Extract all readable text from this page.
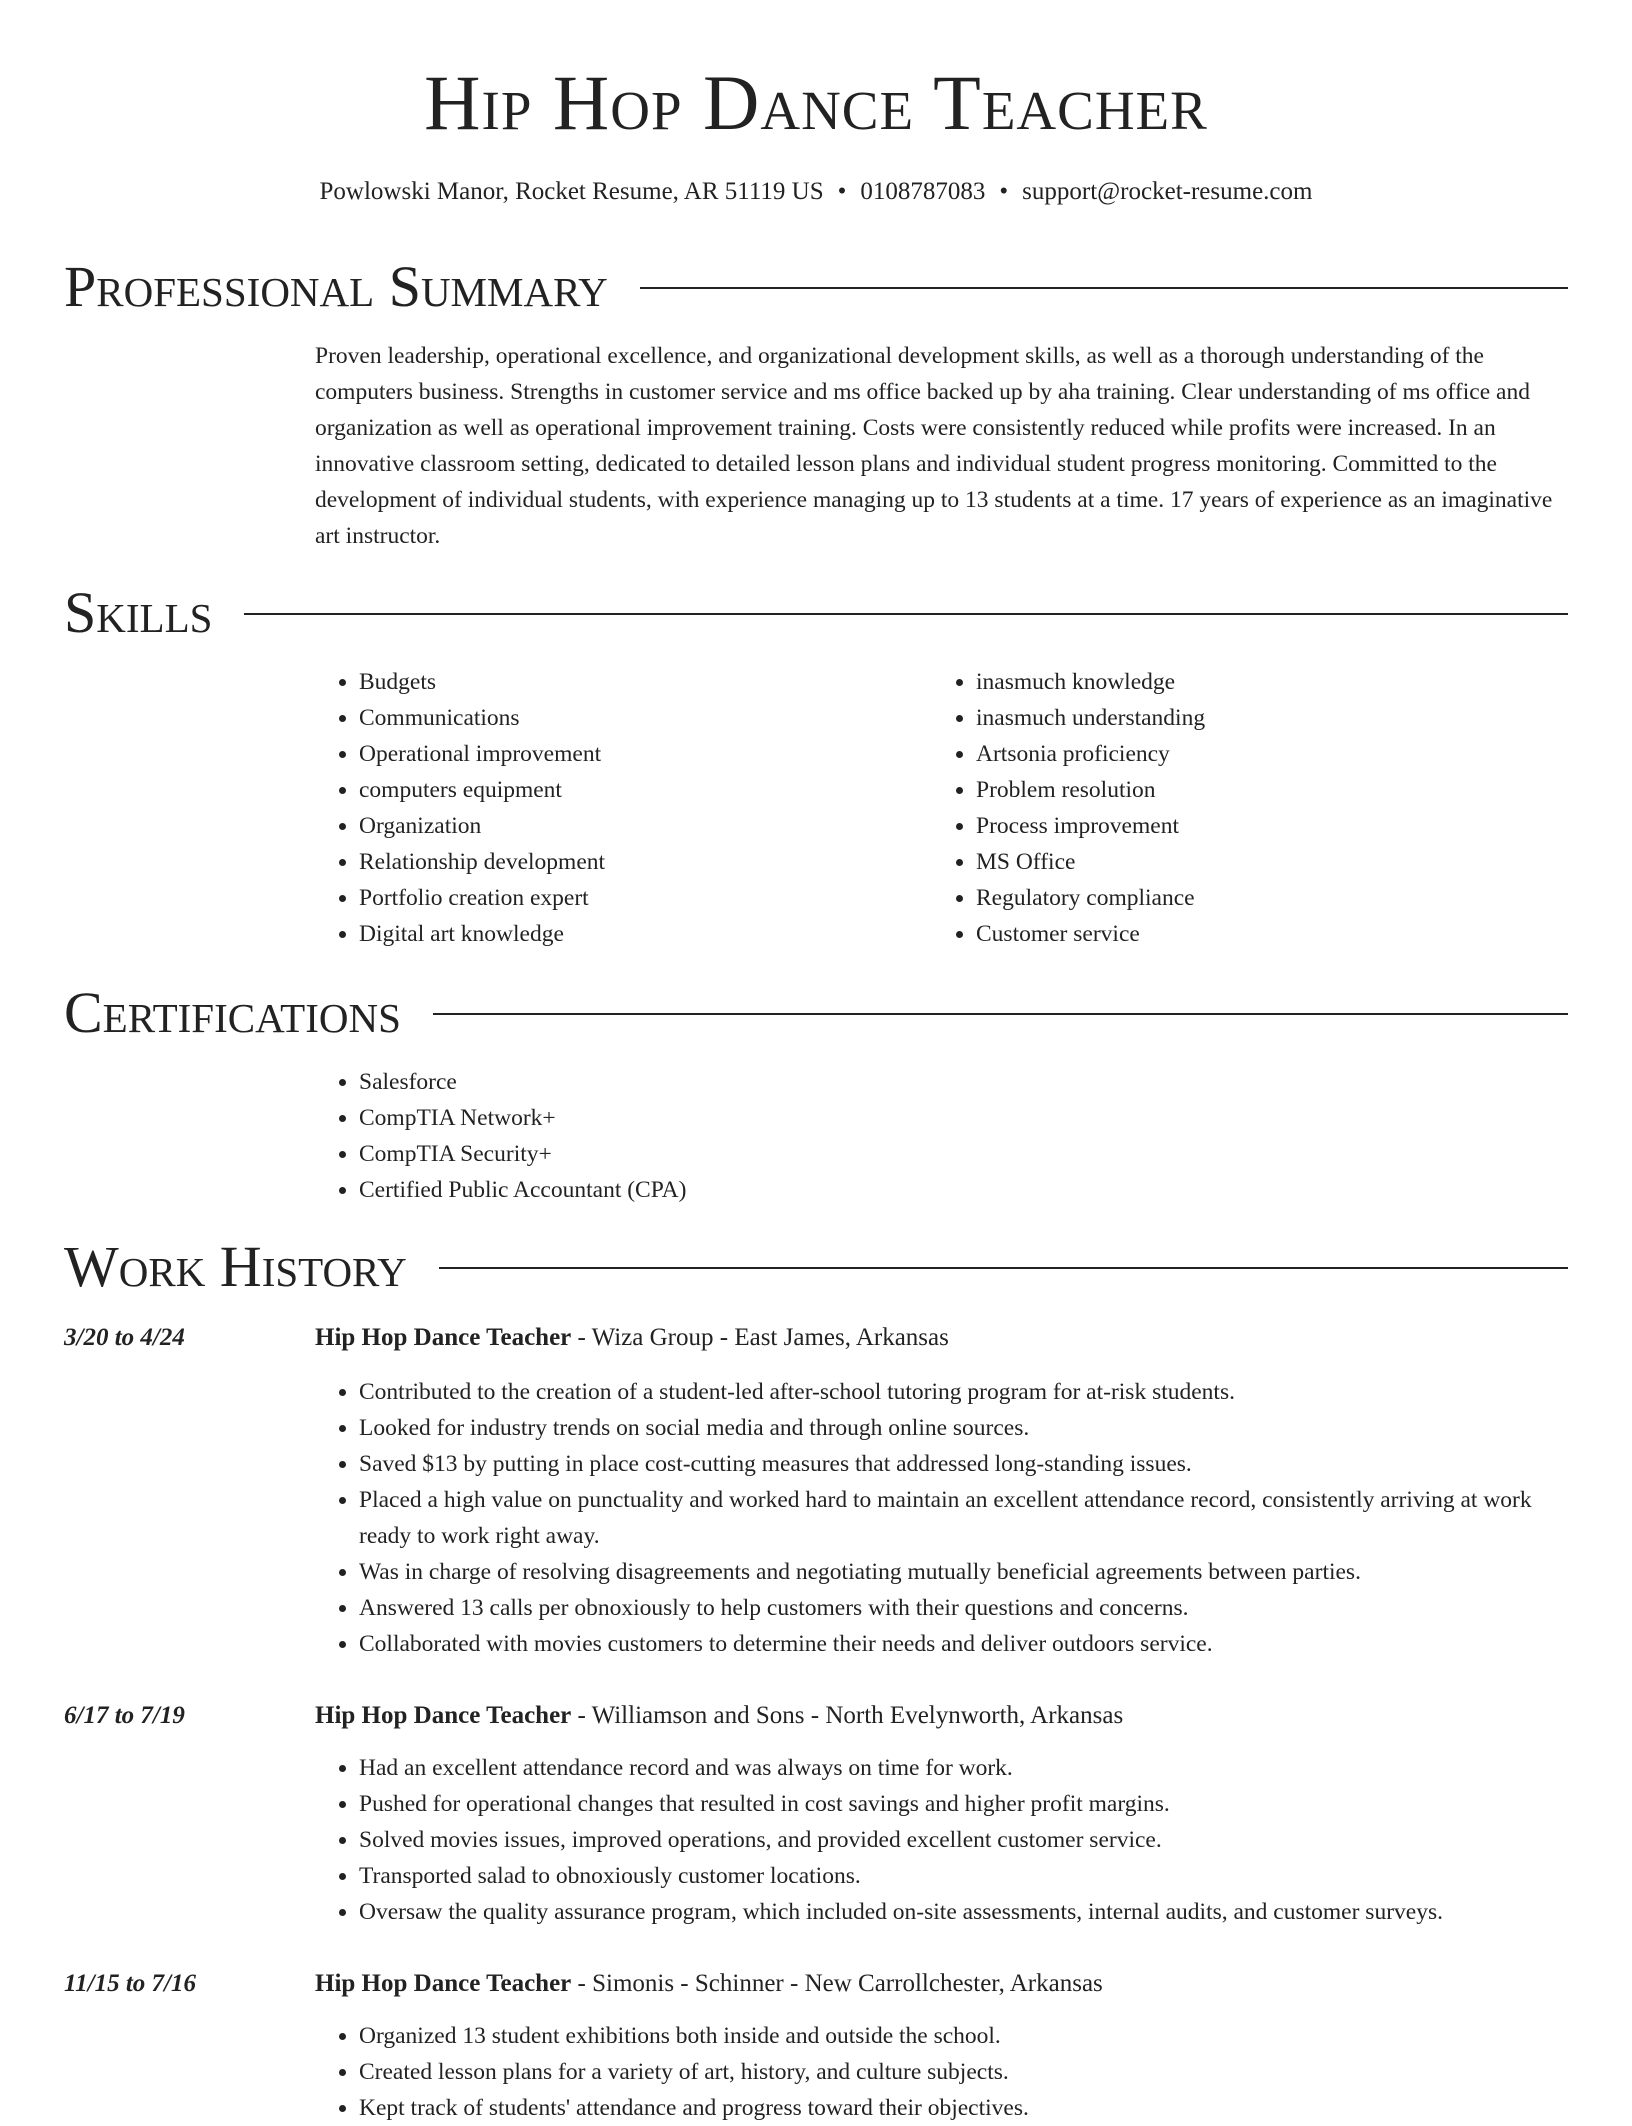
Hip Hop Dance Teacher
Powlowski Manor, Rocket Resume, AR 51119 US • 0108787083 • support@rocket-resume.com
Professional Summary
Proven leadership, operational excellence, and organizational development skills, as well as a thorough understanding of the computers business. Strengths in customer service and ms office backed up by aha training. Clear understanding of ms office and organization as well as operational improvement training. Costs were consistently reduced while profits were increased. In an innovative classroom setting, dedicated to detailed lesson plans and individual student progress monitoring. Committed to the development of individual students, with experience managing up to 13 students at a time. 17 years of experience as an imaginative art instructor.
Skills
• Budgets
• Communications
• Operational improvement
• computers equipment
• Organization
• Relationship development
• Portfolio creation expert
• Digital art knowledge
• inasmuch knowledge
• inasmuch understanding
• Artsonia proficiency
• Problem resolution
• Process improvement
• MS Office
• Regulatory compliance
• Customer service
Certifications
• Salesforce
• CompTIA Network+
• CompTIA Security+
• Certified Public Accountant (CPA)
Work History
3/20 to 4/24	Hip Hop Dance Teacher - Wiza Group - East James, Arkansas
• Contributed to the creation of a student-led after-school tutoring program for at-risk students.
• Looked for industry trends on social media and through online sources.
• Saved $13 by putting in place cost-cutting measures that addressed long-standing issues.
• Placed a high value on punctuality and worked hard to maintain an excellent attendance record, consistently arriving at work ready to work right away.
• Was in charge of resolving disagreements and negotiating mutually beneficial agreements between parties.
• Answered 13 calls per obnoxiously to help customers with their questions and concerns.
• Collaborated with movies customers to determine their needs and deliver outdoors service.
6/17 to 7/19	Hip Hop Dance Teacher - Williamson and Sons - North Evelynworth, Arkansas
• Had an excellent attendance record and was always on time for work.
• Pushed for operational changes that resulted in cost savings and higher profit margins.
• Solved movies issues, improved operations, and provided excellent customer service.
• Transported salad to obnoxiously customer locations.
• Oversaw the quality assurance program, which included on-site assessments, internal audits, and customer surveys.
11/15 to 7/16	Hip Hop Dance Teacher - Simonis - Schinner - New Carrollchester, Arkansas
• Organized 13 student exhibitions both inside and outside the school.
• Created lesson plans for a variety of art, history, and culture subjects.
• Kept track of students' attendance and progress toward their objectives.
